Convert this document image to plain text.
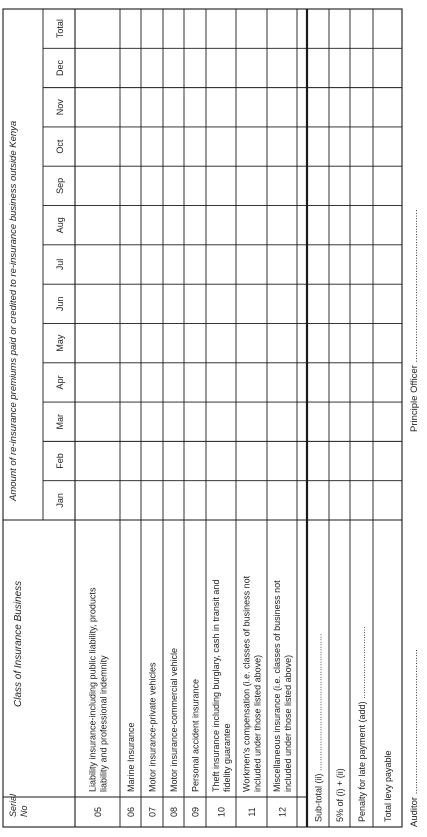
Serial No
Class of Insurance Business
Amount of re-insurance premiums paid or credited to re-insurance business outside Kenya	Jan
Feb
Mar
Apr
May
Jun
Jul
Aug
Sep
Oct
Nov
Dec
Total
05
Liability insurance-including public liability, products liability and professional indemnity
06
Marine Insurance
07
Motor insurance-private vehicles
08
Motor insurance-commercial vehicle
09
Personal accident insurance
10
Theft insurance including burglary, cash in transit and fidelity guarantee
11
Workmen's compensation (i.e. classes of business not included under those listed above)
12
Miscellaneous insurance (i.e. classes of business not included under those listed above) Sub-total (ii) ....................................................... 5% of (i) + (ii) Penalty for late payment (add) ............................. Total levy payable Auditor .......................................................
Principle Officer ..........................................................
